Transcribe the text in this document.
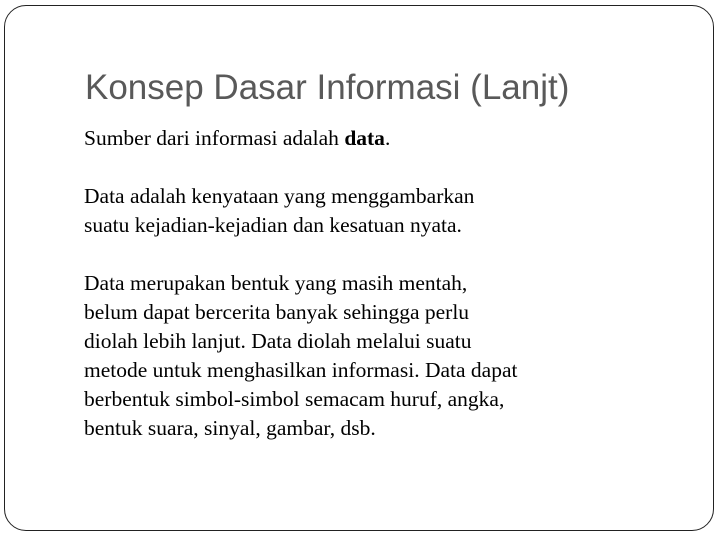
Konsep Dasar Informasi (Lanjt)

Sumber dari informasi adalah data.

Data adalah kenyataan yang menggambarkan
suatu kejadian-kejadian dan kesatuan nyata.

Data merupakan bentuk yang masih mentah,
belum dapat bercerita banyak sehingga perlu
diolah lebih lanjut. Data diolah melalui suatu
metode untuk menghasilkan informasi. Data dapat
berbentuk simbol-simbol semacam huruf, angka,
bentuk suara, sinyal, gambar, dsb.
